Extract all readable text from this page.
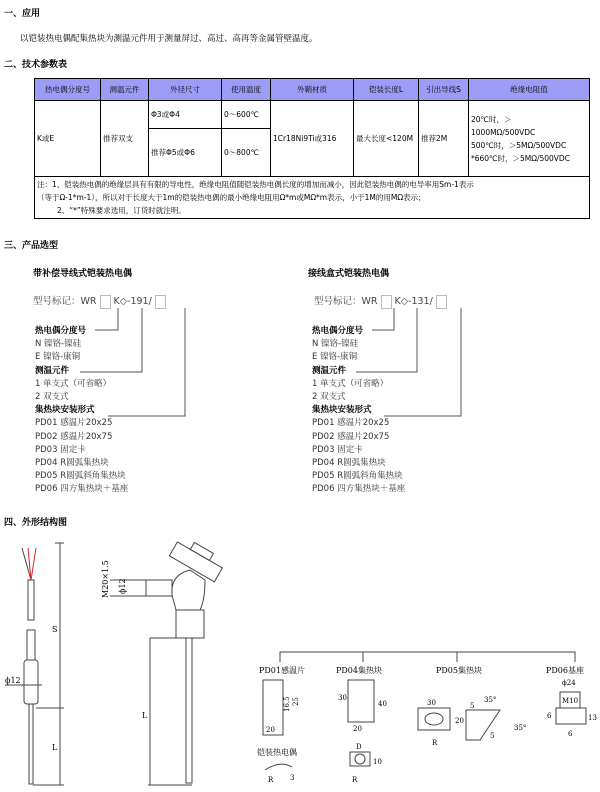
一、应用
以铠装热电偶配集热块为测温元件用于测量屏过、高过、高再等金属管壁温度。
二、技术参数表
热电偶分度号	测温元件	外径尺寸	使用温度	外鞘材质	铠装长度L	引出导线S	绝缘电阻值
K或E	推荐双支	Φ3或Φ4	0～600℃	1Cr18Ni9Ti或316	最大长度<120M	推荐2M	20℃时，＞
1000MΩ/500VDC
500℃时，＞5MΩ/500VDC
*660℃时，＞5MΩ/500VDC

		推荐Φ5或Φ6	0～800℃				

注：1、铠装热电偶的绝缘层具有有限的导电性，绝缘电阻值随铠装热电偶长度的增加而减小，因此铠装热电偶的电导率用Sm-1表示
（等于Ω-1*m-1），所以对于长度大于1m的铠装热电偶的最小绝缘电阻用Ω*m或MΩ*m表示，小于1M的用MΩ表示；
2、“*”特殊要求选用，订货时就注明。							
三、产品选型
带补偿导线式铠装热电偶
型号标记：WR K◇-191/
热电偶分度号
N 镍铬-镍硅
E 镍铬-康铜
测温元件
1 单支式（可省略）
2 双支式
集热块安装形式
PD01 感温片20x25
PD02 感温片20x75
PD03 固定卡
PD04 R圆弧集热块
PD05 R圆弧斜角集热块
PD06 四方集热块＋基座
接线盒式铠装热电偶
型号标记：WR K◇-131/
热电偶分度号
N 镍铬-镍硅
E 镍铬-康铜
测温元件
1 单支式（可省略）
2 双支式
集热块安装形式
PD01 感温片20x25
PD02 感温片20x75
PD03 固定卡
PD04 R圆弧集热块
PD05 R圆弧斜角集热块
PD06 四方集热块＋基座
四、外形结构图
S
L
ϕ12
M20×1.5 ϕ12
L
PD01感温片	PD04集热块	PD05集热块	PD06基座
20
25
16.5	30
40
20
D
10
R
30
R
20
35°
35°
5
5
ϕ24
M10
13
6
6
3
R
铠装热电偶
